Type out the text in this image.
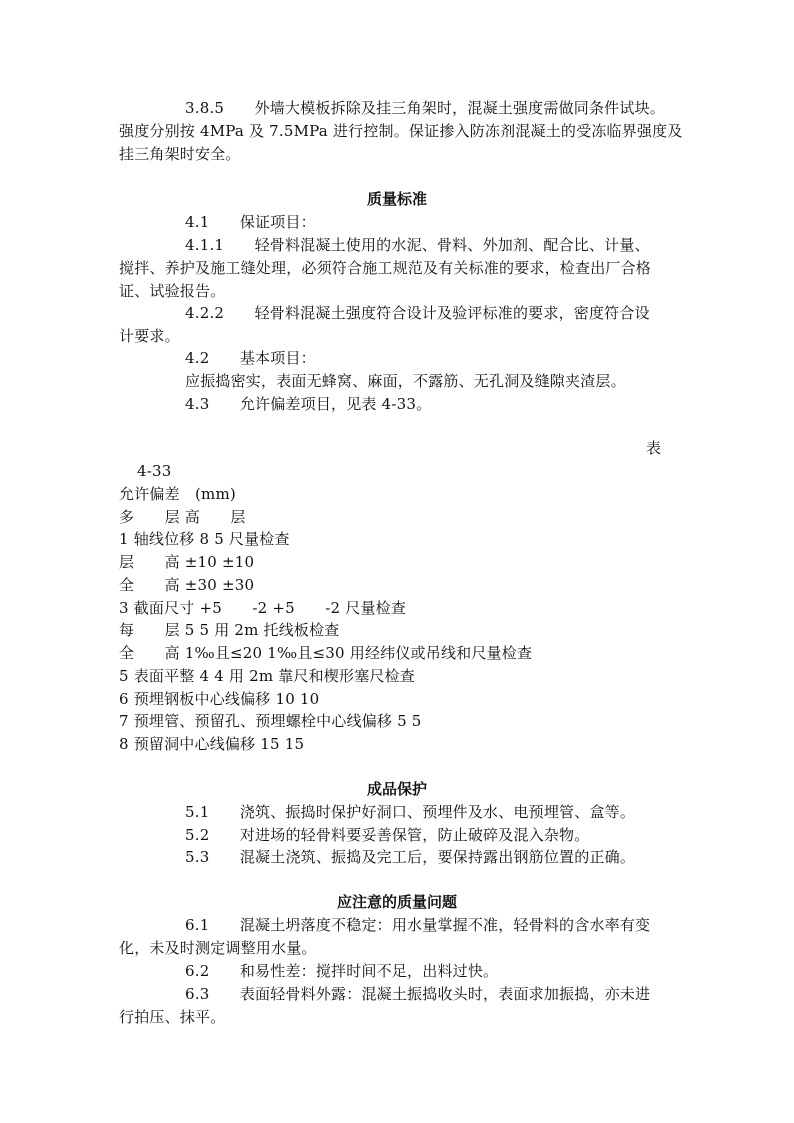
3.8.5　　外墙大模板拆除及挂三角架时，混凝土强度需做同条件试块。
强度分别按 4MPa 及 7.5MPa 进行控制。保证掺入防冻剂混凝土的受冻临界强度及
挂三角架时安全。
质量标准
4.1　　保证项目：
4.1.1　　轻骨料混凝土使用的水泥、骨料、外加剂、配合比、计量、
搅拌、养护及施工缝处理，必须符合施工规范及有关标准的要求，检查出厂合格
证、试验报告。
4.2.2　　轻骨料混凝土强度符合设计及验评标准的要求，密度符合设
计要求。
4.2　　基本项目：
应振捣密实，表面无蜂窝、麻面，不露筋、无孔洞及缝隙夹渣层。
4.3　　允许偏差项目，见表 4-33。
表
4-33
允许偏差　(mm)
多　　层 高　　层
1 轴线位移 8 5 尺量检查
层　　高 ±10 ±10
全　　高 ±30 ±30
3 截面尺寸 +5　　-2 +5　　-2 尺量检查
每　　层 5 5 用 2m 托线板检查
全　　高 1‰且≤20 1‰且≤30 用经纬仪或吊线和尺量检查
5 表面平整 4 4 用 2m 靠尺和楔形塞尺检查
6 预埋钢板中心线偏移 10 10
7 预埋管、预留孔、预埋螺栓中心线偏移 5 5
8 预留洞中心线偏移 15 15
成品保护
5.1　　浇筑、振捣时保护好洞口、预埋件及水、电预埋管、盒等。
5.2　　对进场的轻骨料要妥善保管，防止破碎及混入杂物。
5.3　　混凝土浇筑、振捣及完工后，要保持露出钢筋位置的正确。
应注意的质量问题
6.1　　混凝土坍落度不稳定：用水量掌握不准，轻骨料的含水率有变
化，未及时测定调整用水量。
6.2　　和易性差：搅拌时间不足，出料过快。
6.3　　表面轻骨料外露：混凝土振捣收头时，表面求加振捣，亦未进
行拍压、抹平。
